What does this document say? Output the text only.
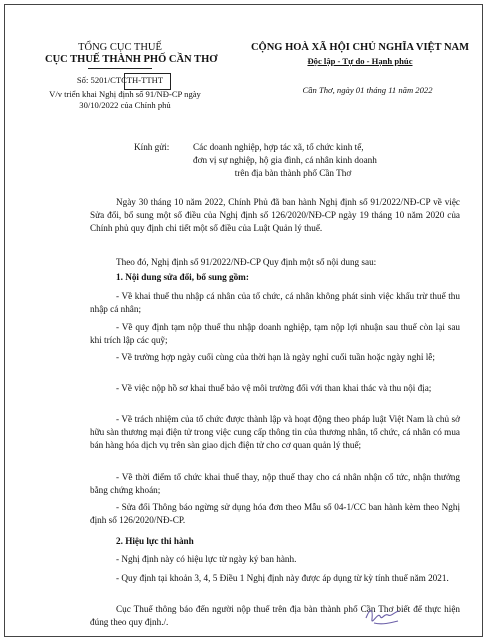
TỔNG CỤC THUẾ
CỤC THUẾ THÀNH PHỐ CẦN THƠ
CỘNG HOÀ XÃ HỘI CHỦ NGHĨA VIỆT NAM
Độc lập - Tự do - Hạnh phúc
Số: 5201/CTCTH-TTHT
V/v triển khai Nghị định số 91/NĐ-CP ngày
30/10/2022 của Chính phủ
Cần Thơ, ngày 01 tháng 11 năm 2022
Kính gửi:	Các doanh nghiệp, hợp tác xã, tổ chức kinh tế,
đơn vị sự nghiệp, hộ gia đình, cá nhân kinh doanh
trên địa bàn thành phố Cần Thơ
Ngày 30 tháng 10 năm 2022, Chính Phủ đã ban hành Nghị định số 91/2022/NĐ-CP về việc Sửa đổi, bổ sung một số điều của Nghị định số 126/2020/NĐ-CP ngày 19 tháng 10 năm 2020 của Chính phủ quy định chi tiết một số điều của Luật Quản lý thuế.
Theo đó, Nghị định số 91/2022/NĐ-CP Quy định một số nội dung sau:
1. Nội dung sửa đổi, bổ sung gồm:
- Về khai thuế thu nhập cá nhân của tổ chức, cá nhân không phát sinh việc khấu trừ thuế thu nhập cá nhân;
- Về quy định tạm nộp thuế thu nhập doanh nghiệp, tạm nộp lợi nhuận sau thuế còn lại sau khi trích lập các quỹ;
- Về trường hợp ngày cuối cùng của thời hạn là ngày nghỉ cuối tuần hoặc ngày nghỉ lễ;
- Về việc nộp hồ sơ khai thuế bảo vệ môi trường đối với than khai thác và thu nội địa;
- Về trách nhiệm của tổ chức được thành lập và hoạt động theo pháp luật Việt Nam là chủ sở hữu sàn thương mại điện tử trong việc cung cấp thông tin của thương nhân, tổ chức, cá nhân có mua bán hàng hóa dịch vụ trên sàn giao dịch điện tử cho cơ quan quản lý thuế;
- Về thời điểm tổ chức khai thuế thay, nộp thuế thay cho cá nhân nhận cổ tức, nhận thưởng bằng chứng khoán;
- Sửa đổi Thông báo ngừng sử dụng hóa đơn theo Mẫu số 04-1/CC ban hành kèm theo Nghị định số 126/2020/NĐ-CP.
2. Hiệu lực thi hành
- Nghị định này có hiệu lực từ ngày ký ban hành.
- Quy định tại khoản 3, 4, 5 Điều 1 Nghị định này được áp dụng từ kỳ tính thuế năm 2021.
Cục Thuế thông báo đến người nộp thuế trên địa bàn thành phố Cần Thơ biết để thực hiện đúng theo quy định./.
